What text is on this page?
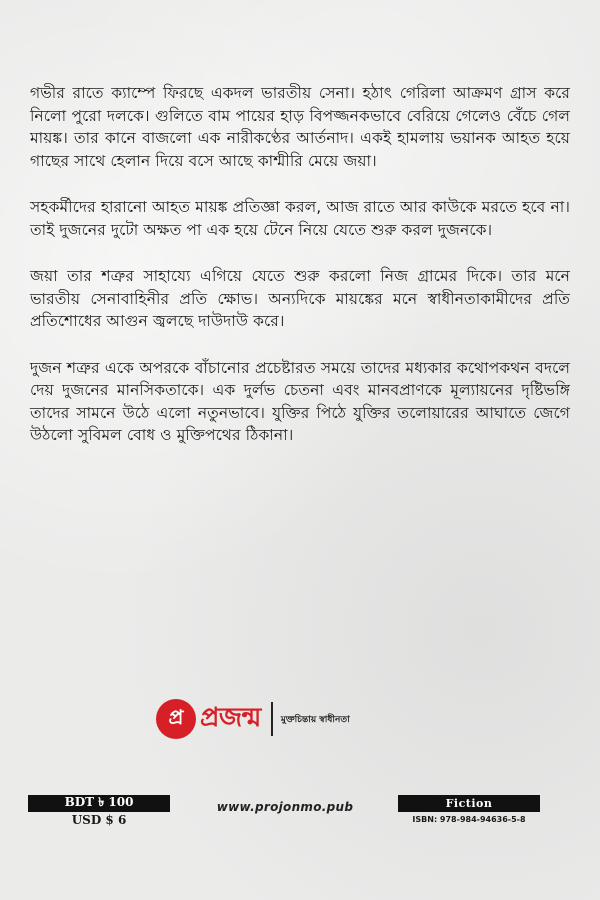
গভীর রাতে ক্যাম্পে ফিরছে একদল ভারতীয় সেনা। হঠাৎ গেরিলা আক্রমণ গ্রাস করে নিলো পুরো দলকে। গুলিতে বাম পায়ের হাড় বিপজ্জনকভাবে বেরিয়ে গেলেও বেঁচে গেল মায়ঙ্ক। তার কানে বাজলো এক নারীকণ্ঠের আর্তনাদ। একই হামলায় ভয়ানক আহত হয়ে গাছের সাথে হেলান দিয়ে বসে আছে কাশ্মীরি মেয়ে জয়া।

সহকর্মীদের হারানো আহত মায়ঙ্ক প্রতিজ্ঞা করল, আজ রাতে আর কাউকে মরতে হবে না। তাই দুজনের দুটো অক্ষত পা এক হয়ে টেনে নিয়ে যেতে শুরু করল দুজনকে।

জয়া তার শত্রুর সাহায্যে এগিয়ে যেতে শুরু করলো নিজ গ্রামের দিকে। তার মনে ভারতীয় সেনাবাহিনীর প্রতি ক্ষোভ। অন্যদিকে মায়ঙ্কের মনে স্বাধীনতাকামীদের প্রতি প্রতিশোধের আগুন জ্বলছে দাউদাউ করে।

দুজন শত্রুর একে অপরকে বাঁচানোর প্রচেষ্টারত সময়ে তাদের মধ্যকার কথোপকথন বদলে দেয় দুজনের মানসিকতাকে। এক দুর্লভ চেতনা এবং মানবপ্রাণকে মূল্যায়নের দৃষ্টিভঙ্গি তাদের সামনে উঠে এলো নতুনভাবে। যুক্তির পিঠে যুক্তির তলোয়ারের আঘাতে জেগে উঠলো সুবিমল বোধ ও মুক্তিপথের ঠিকানা।

প্র প্রজন্ম মুক্তচিন্তায় স্বাধীনতা
BDT ৳ 100
USD $ 6
www.projonmo.pub	Fiction
ISBN: 978-984-94636-5-8
